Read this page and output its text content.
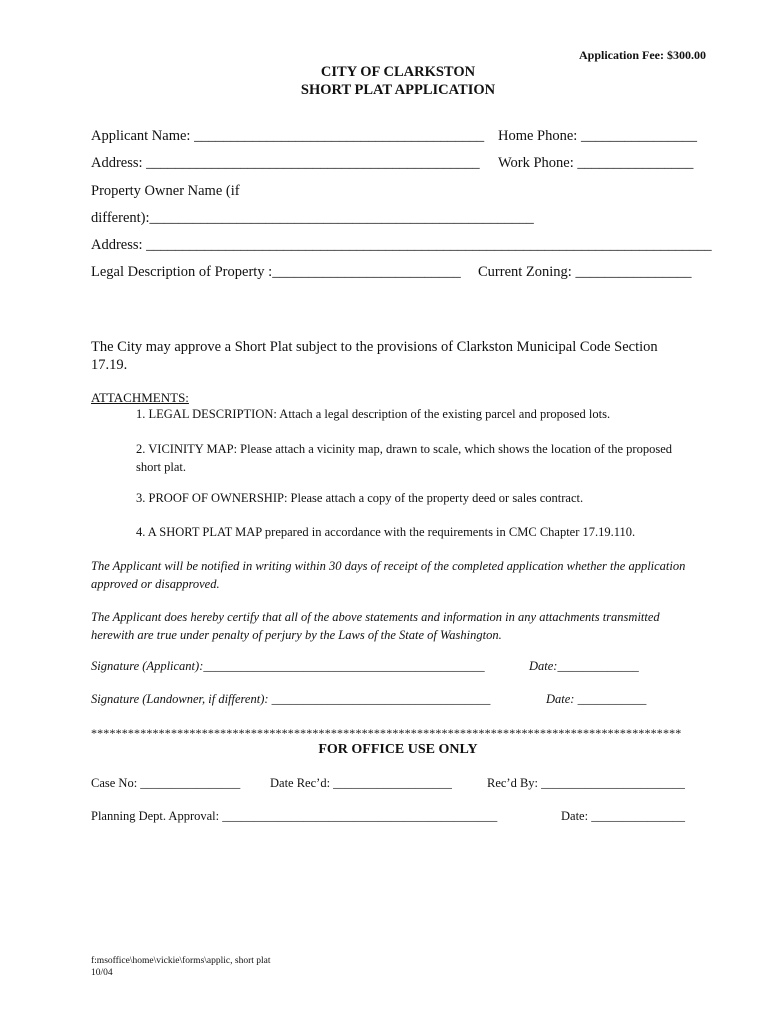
Application Fee: $300.00
CITY OF CLARKSTON
SHORT PLAT APPLICATION
Applicant Name: ________________________________________ Home Phone: ________________
Address: ______________________________________________ Work Phone: ________________
Property Owner Name (if
different):_____________________________________________________
Address: ______________________________________________________________________________
Legal Description of Property :__________________________ Current Zoning: ________________
The City may approve a Short Plat subject to the provisions of Clarkston Municipal Code Section 17.19.
ATTACHMENTS:
1. LEGAL DESCRIPTION: Attach a legal description of the existing parcel and proposed lots.
2. VICINITY MAP: Please attach a vicinity map, drawn to scale, which shows the location of the proposed short plat.
3. PROOF OF OWNERSHIP: Please attach a copy of the property deed or sales contract.
4. A SHORT PLAT MAP prepared in accordance with the requirements in CMC Chapter 17.19.110.
The Applicant will be notified in writing within 30 days of receipt of the completed application whether the application approved or disapproved.
The Applicant does hereby certify that all of the above statements and information in any attachments transmitted herewith are true under penalty of perjury by the Laws of the State of Washington.
Signature (Applicant):_____________________________________________	Date:_____________
Signature (Landowner, if different): ___________________________________	Date: ___________
************************************************************************************************
FOR OFFICE USE ONLY
Case No: ________________ Date Rec’d: ___________________	Rec’d By: _______________________
Planning Dept. Approval: ____________________________________________	Date: _______________
f:msoffice\home\vickie\forms\applic, short plat
10/04
